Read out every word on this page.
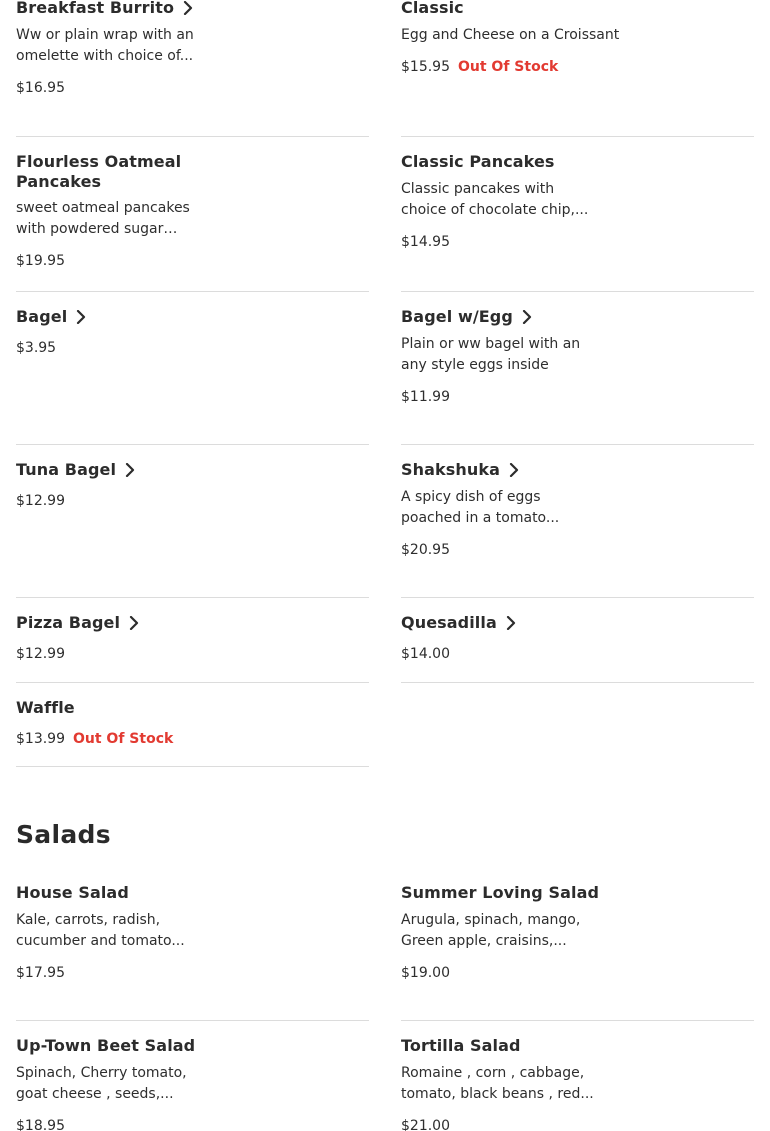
Breakfast Burrito
Ww or plain wrap with an omelette with choice of...
$16.95
Classic
Egg and Cheese on a Croissant
$15.95 Out Of Stock
Flourless Oatmeal Pancakes
sweet oatmeal pancakes with powdered sugar
$19.95
Classic Pancakes
Classic pancakes with choice of chocolate chip,...
$14.95
Bagel
$3.95
Bagel w/Egg
Plain or ww bagel with an any style eggs inside
$11.99
Tuna Bagel
$12.99
Shakshuka
A spicy dish of eggs poached in a tomato...
$20.95
Pizza Bagel
$12.99
Quesadilla
$14.00
Waffle
$13.99 Out Of Stock
Salads
House Salad
Kale, carrots, radish, cucumber and tomato...
$17.95
Summer Loving Salad
Arugula, spinach, mango, Green apple, craisins,...
$19.00
Up-Town Beet Salad
Spinach, Cherry tomato, goat cheese , seeds,...
$18.95
Tortilla Salad
Romaine , corn , cabbage, tomato, black beans , red...
$21.00
